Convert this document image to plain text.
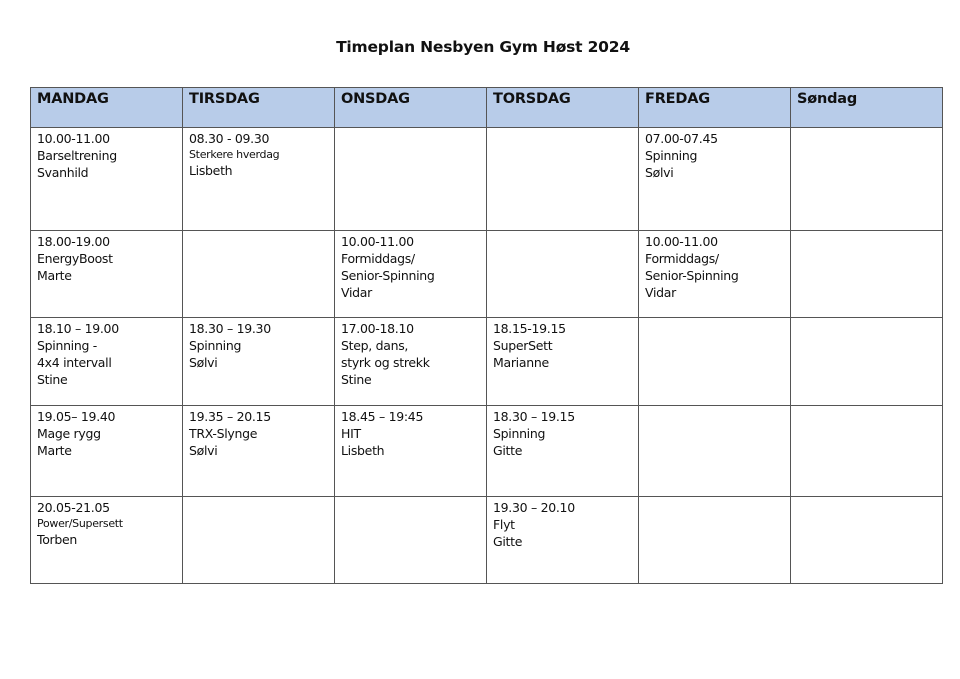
Timeplan Nesbyen Gym Høst 2024
MANDAG	TIRSDAG	ONSDAG	TORSDAG	FREDAG	Søndag

10.00-11.00
Barseltrening
Svanhild	08.30 - 09.30
Sterkere hverdag
Lisbeth			07.00-07.45
Spinning
Sølvi	

18.00-19.00
EnergyBoost
Marte		10.00-11.00
Formiddags/
Senior-Spinning
Vidar		10.00-11.00
Formiddags/
Senior-Spinning
Vidar	

18.10 – 19.00
Spinning -
4x4 intervall
Stine	18.30 – 19.30
Spinning
Sølvi	17.00-18.10
Step, dans,
styrk og strekk
Stine	18.15-19.15
SuperSett
Marianne		

19.05– 19.40
Mage rygg
Marte	19.35 – 20.15
TRX-Slynge
Sølvi	18.45 – 19:45
HIT
Lisbeth	18.30 – 19.15
Spinning
Gitte		

20.05-21.05
Power/Supersett
Torben			19.30 – 20.10
Flyt
Gitte		
